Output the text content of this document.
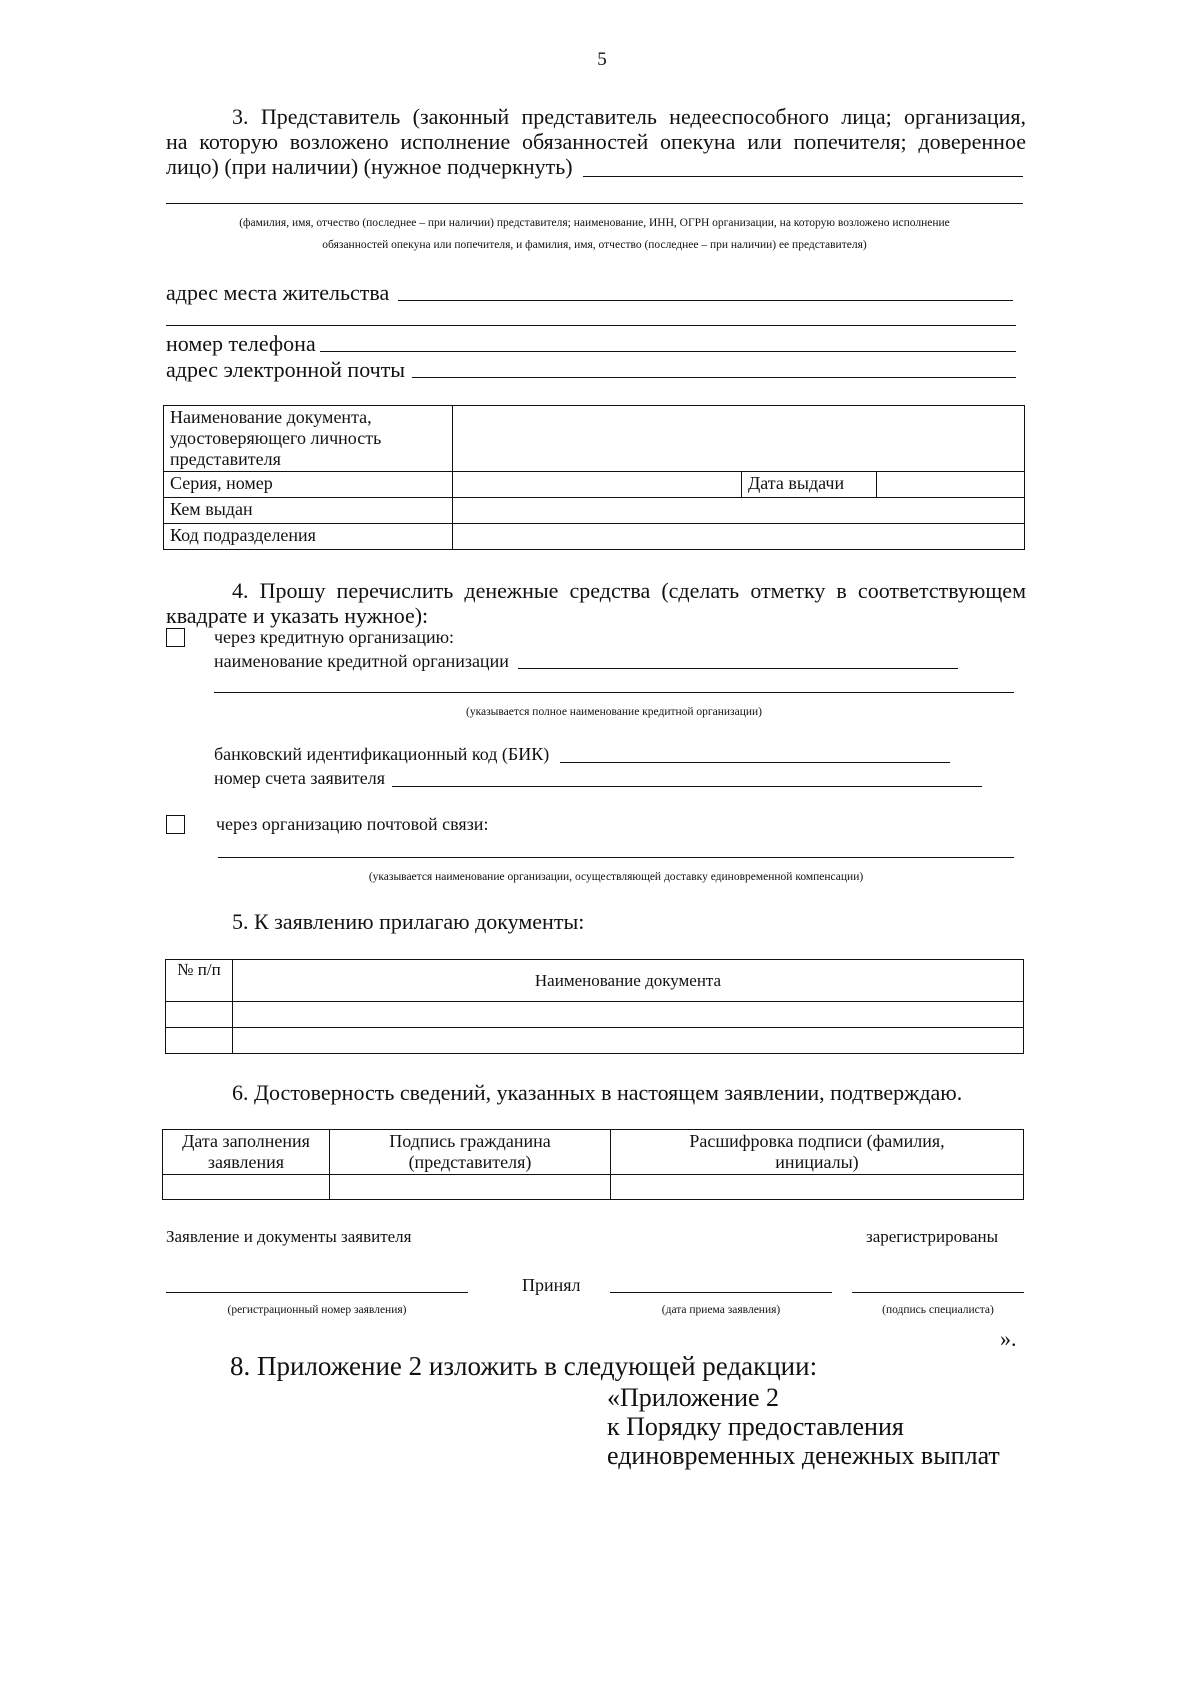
5
3. Представитель (законный представитель недееспособного лица; организация,
на которую возложено исполнение обязанностей опекуна или попечителя; доверенное
лицо) (при наличии) (нужное подчеркнуть)
(фамилия, имя, отчество (последнее – при наличии) представителя; наименование, ИНН, ОГРН организации, на которую возложено исполнение
обязанностей опекуна или попечителя, и фамилия, имя, отчество (последнее – при наличии) ее представителя)
адрес места жительства
номер телефона
адрес электронной почты
Наименование документа, удостоверяющего личность представителя			
Серия, номер		Дата выдачи	
Кем выдан			
Код подразделения			
4. Прошу перечислить денежные средства (сделать отметку в соответствующем
квадрате и указать нужное):
через кредитную организацию:
наименование кредитной организации
(указывается полное наименование кредитной организации)
банковский идентификационный код (БИК)
номер счета заявителя
через организацию почтовой связи:
(указывается наименование организации, осуществляющей доставку единовременной компенсации)
5. К заявлению прилагаю документы:
№ п/п	Наименование документа

6. Достоверность сведений, указанных в настоящем заявлении, подтверждаю.
Дата заполнения заявления	Подпись гражданина (представителя)	Расшифровка подписи (фамилия, инициалы)

Заявление и документы заявителя	зарегистрированы
Принял
(регистрационный номер заявления)	(дата приема заявления)	(подпись специалиста)
».
8. Приложение 2 изложить в следующей редакции:
«Приложение 2
к Порядку предоставления
единовременных денежных выплат
